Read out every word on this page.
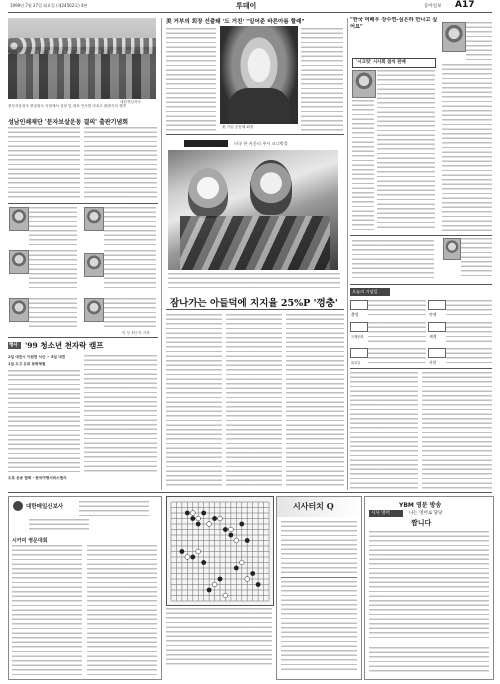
1999년 7월 27일 화요일 (제24562호) 4판	투데이	동아일보 A17
대한적십자사
정부서울청사 중앙청사 식당에서 상장 및 대표 인사를 마치고 출범식의 장면
성남인쇄재단 '문자보살운동 결의' 출판기념회
이 부 3인 이 기자
행사 '99 청소년 천자락 캠프
2일 대전시 이원면 서산 ~ 5일 대전
1일 오고 유료 문화체험
도로 운송 협회 - 한국여행서비스협의
美 거부의 회장 선출돼 '도 거친' "일어준 바른아름 할래"
美 기업 공동체 회장
미국 한 카운티 주시 코너박물
잠나가는 아들덕에 지지율 25%P '껑충'
"한국 여배우 강수연-심은하 만나고 싶어요"
'시크릿' 시사회 참석 판매
오늘의 기념일
출생	연예
국제문화	세계
화요일	사람
대한매일신보사
시카미 영문대회
시사터치 Q	YBM 영문 방송
시사 영어	나는 영어로 당당
짬니다
